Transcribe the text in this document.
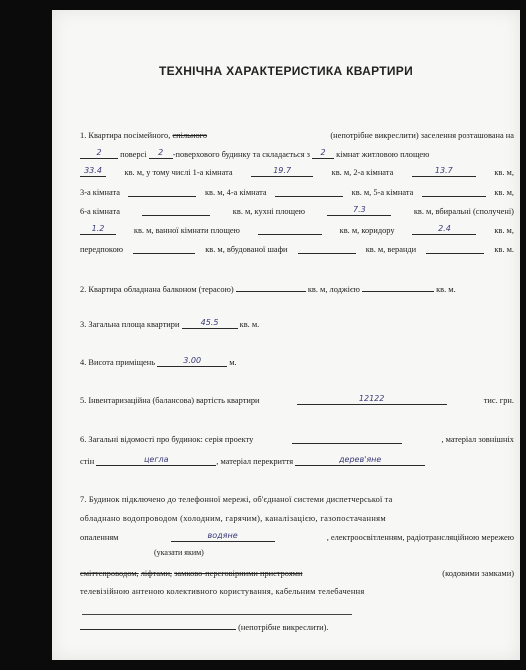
ТЕХНІЧНА ХАРАКТЕРИСТИКА КВАРТИРИ
1. Квартира посімейного, спільного	(непотрібне викреслити) заселення розташована на
2 поверсі 2 -поверхового будинку та складається з 2 кімнат житловою площею
33.4	кв. м, у тому числі 1-а кімната	19.7	кв. м, 2-а кімната	13.7	кв. м,
3-а кімната	кв. м, 4-а кімната	кв. м, 5-а кімната	кв. м,
6-а кімната	кв. м, кухні площею	7.3	кв. м, вбиральні (сполучені)
1.2	кв. м, ванної кімнати площею	кв. м, коридору	2.4	кв. м,
передпокою	кв. м, вбудованої шафи	кв. м, веранди	кв. м.
2. Квартира обладнана балконом (терасою)	кв. м, лоджією	кв. м.
3. Загальна площа квартири	45.5	кв. м.
4. Висота приміщень	3.00	м.
5. Інвентаризаційна (балансова) вартість квартири	12122	тис. грн.
6. Загальні відомості про будинок: серія проекту	, матеріал зовнішніх
стін	цегла	, матеріал перекриття	дерев'яне
7. Будинок підключено до телефонної мережі, об'єднаної системи диспетчерської та
обладнано водопроводом (холодним, гарячим), каналізацією, газопостачанням
опаленням	водяне	, електроосвітленням, радіотрансляційною мережею
(указати яким)
сміттєпроводом, ліфтами, замково-переговірними пристроями	(кодовими замками)
телевізійною антеною колективного користування, кабельним телебачення
(непотрібне викреслити).
